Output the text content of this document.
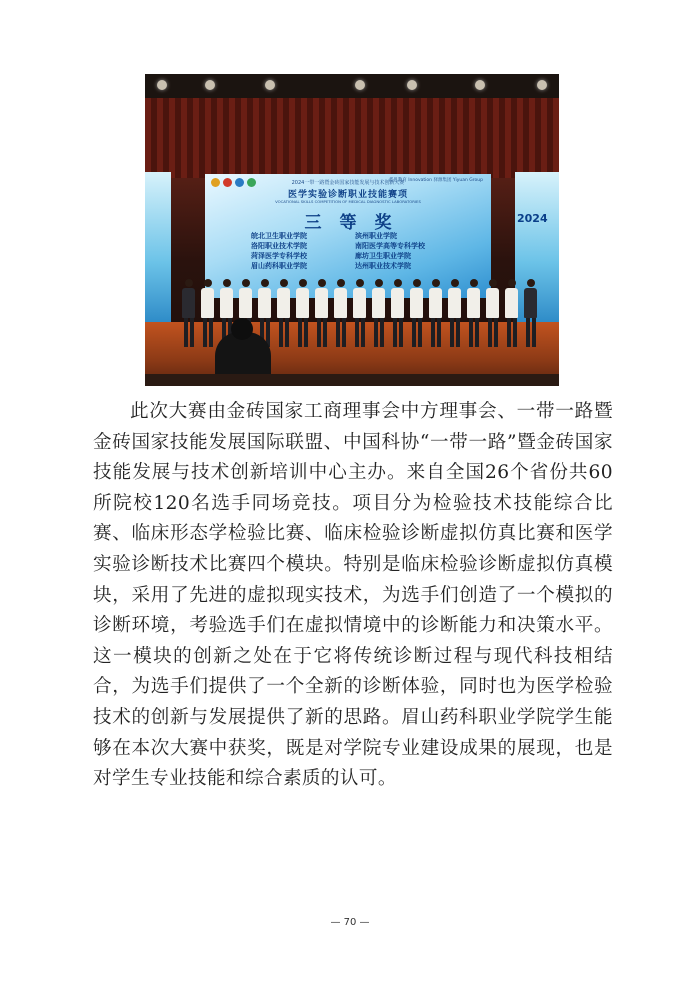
2024
鑫思教育 Innovation 驿源集团 Yiyuan Group
2024一带一路暨金砖国家技能发展与技术创新大赛
医学实验诊断职业技能赛项
VOCATIONAL SKILLS COMPETITION OF MEDICAL DIAGNOSTIC LABORATORIES
三等奖
皖北卫生职业学院	滨州职业学院
洛阳职业技术学院	南阳医学高等专科学校
菏泽医学专科学校	廊坊卫生职业学院
眉山药科职业学院	达州职业技术学院

此次大赛由金砖国家工商理事会中方理事会、一带一路暨金砖国家技能发展国际联盟、中国科协“一带一路”暨金砖国家技能发展与技术创新培训中心主办。来自全国26个省份共60所院校120名选手同场竞技。项目分为检验技术技能综合比赛、临床形态学检验比赛、临床检验诊断虚拟仿真比赛和医学实验诊断技术比赛四个模块。特别是临床检验诊断虚拟仿真模块，采用了先进的虚拟现实技术，为选手们创造了一个模拟的诊断环境，考验选手们在虚拟情境中的诊断能力和决策水平。这一模块的创新之处在于它将传统诊断过程与现代科技相结合，为选手们提供了一个全新的诊断体验，同时也为医学检验技术的创新与发展提供了新的思路。眉山药科职业学院学生能够在本次大赛中获奖，既是对学院专业建设成果的展现，也是对学生专业技能和综合素质的认可。

— 70 —
